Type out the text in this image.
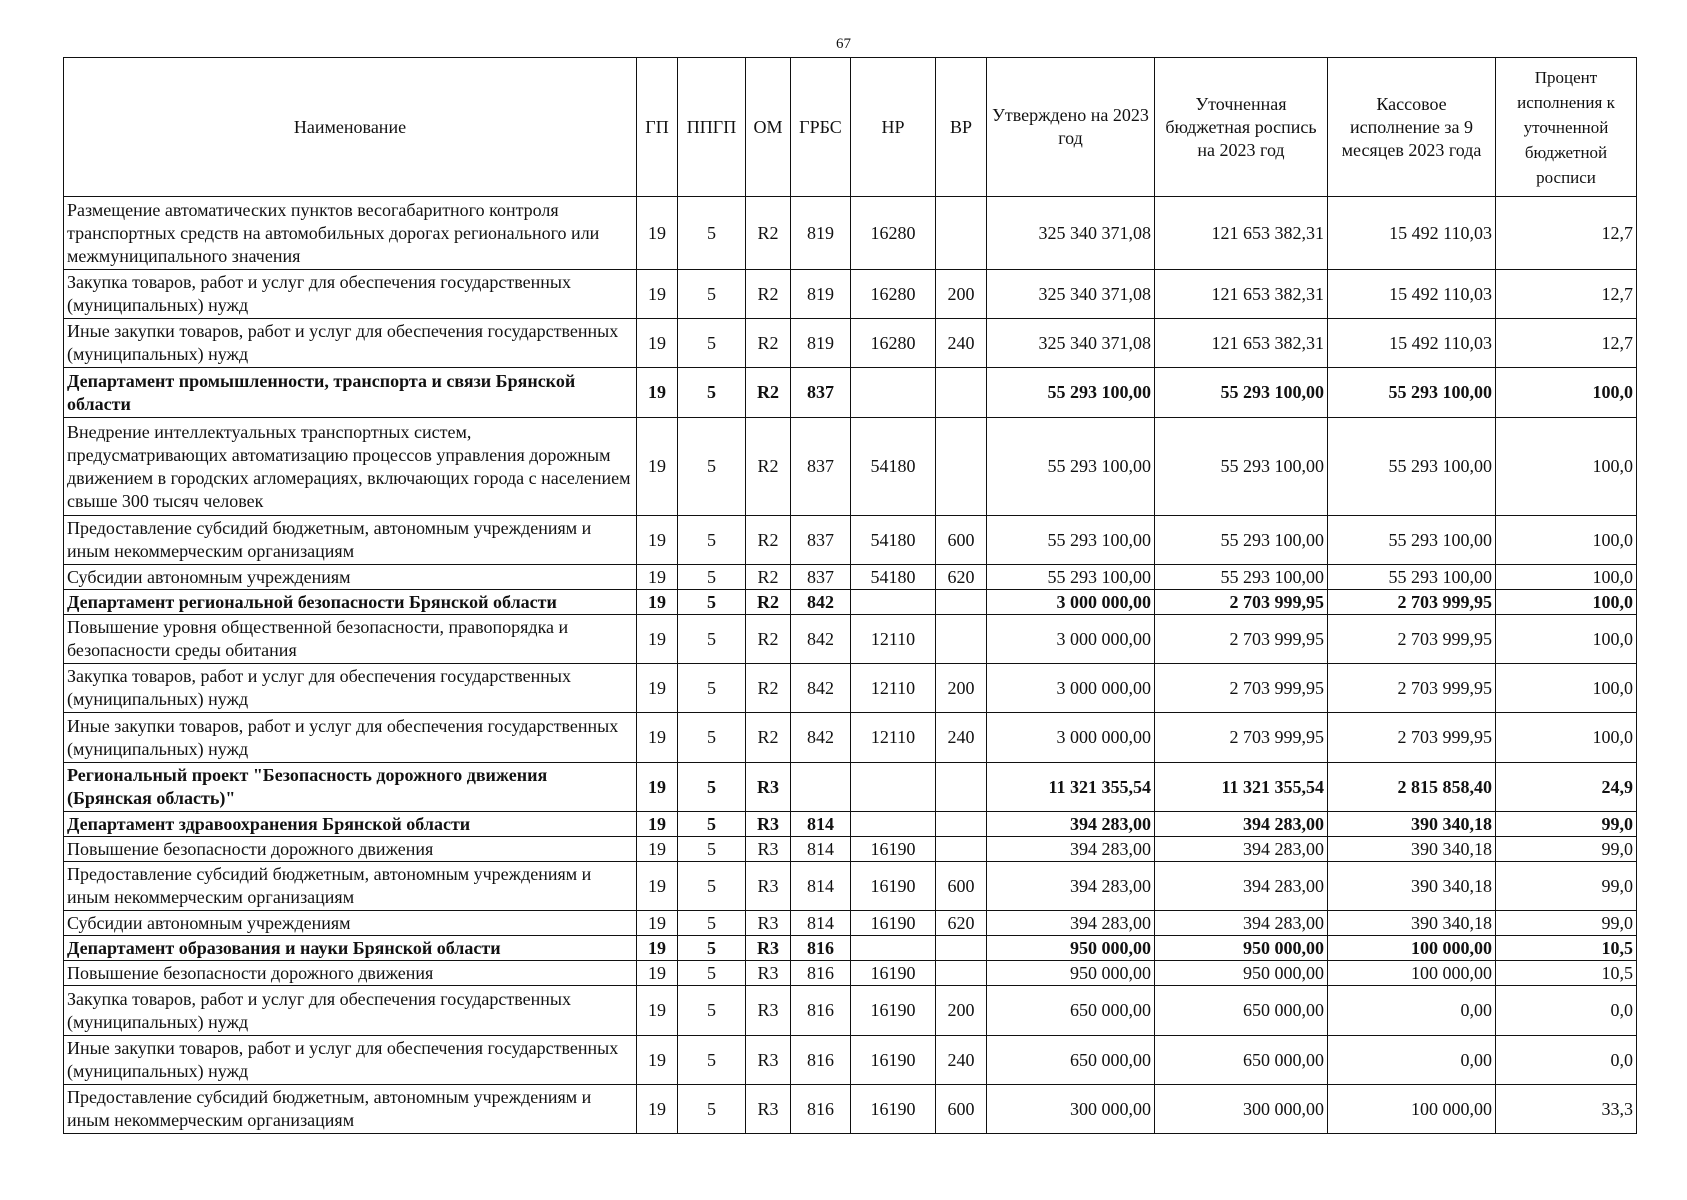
67
Наименование	ГП	ППГП	ОМ	ГРБС	НР	ВР	Утверждено на 2023 год	Уточненная бюджетная роспись на 2023 год	Кассовое исполнение за 9 месяцев 2023 года	Процент исполнения к уточненной бюджетной росписи
Размещение автоматических пунктов весогабаритного контроля транспортных средств на автомобильных дорогах регионального или межмуниципального значения	19	5	R2	819	16280		325 340 371,08	121 653 382,31	15 492 110,03	12,7
Закупка товаров, работ и услуг для обеспечения государственных (муниципальных) нужд	19	5	R2	819	16280	200	325 340 371,08	121 653 382,31	15 492 110,03	12,7
Иные закупки товаров, работ и услуг для обеспечения государственных (муниципальных) нужд	19	5	R2	819	16280	240	325 340 371,08	121 653 382,31	15 492 110,03	12,7
Департамент промышленности, транспорта и связи Брянской области	19	5	R2	837			55 293 100,00	55 293 100,00	55 293 100,00	100,0
Внедрение интеллектуальных транспортных систем, предусматривающих автоматизацию процессов управления дорожным движением в городских агломерациях, включающих города с населением свыше 300 тысяч человек	19	5	R2	837	54180		55 293 100,00	55 293 100,00	55 293 100,00	100,0
Предоставление субсидий бюджетным, автономным учреждениям и иным некоммерческим организациям	19	5	R2	837	54180	600	55 293 100,00	55 293 100,00	55 293 100,00	100,0
Субсидии автономным учреждениям	19	5	R2	837	54180	620	55 293 100,00	55 293 100,00	55 293 100,00	100,0
Департамент региональной безопасности Брянской области	19	5	R2	842			3 000 000,00	2 703 999,95	2 703 999,95	100,0
Повышение уровня общественной безопасности, правопорядка и безопасности среды обитания	19	5	R2	842	12110		3 000 000,00	2 703 999,95	2 703 999,95	100,0
Закупка товаров, работ и услуг для обеспечения государственных (муниципальных) нужд	19	5	R2	842	12110	200	3 000 000,00	2 703 999,95	2 703 999,95	100,0
Иные закупки товаров, работ и услуг для обеспечения государственных (муниципальных) нужд	19	5	R2	842	12110	240	3 000 000,00	2 703 999,95	2 703 999,95	100,0
Региональный проект "Безопасность дорожного движения (Брянская область)"	19	5	R3				11 321 355,54	11 321 355,54	2 815 858,40	24,9
Департамент здравоохранения Брянской области	19	5	R3	814			394 283,00	394 283,00	390 340,18	99,0
Повышение безопасности дорожного движения	19	5	R3	814	16190		394 283,00	394 283,00	390 340,18	99,0
Предоставление субсидий бюджетным, автономным учреждениям и иным некоммерческим организациям	19	5	R3	814	16190	600	394 283,00	394 283,00	390 340,18	99,0
Субсидии автономным учреждениям	19	5	R3	814	16190	620	394 283,00	394 283,00	390 340,18	99,0
Департамент образования и науки Брянской области	19	5	R3	816			950 000,00	950 000,00	100 000,00	10,5
Повышение безопасности дорожного движения	19	5	R3	816	16190		950 000,00	950 000,00	100 000,00	10,5
Закупка товаров, работ и услуг для обеспечения государственных (муниципальных) нужд	19	5	R3	816	16190	200	650 000,00	650 000,00	0,00	0,0
Иные закупки товаров, работ и услуг для обеспечения государственных (муниципальных) нужд	19	5	R3	816	16190	240	650 000,00	650 000,00	0,00	0,0
Предоставление субсидий бюджетным, автономным учреждениям и иным некоммерческим организациям	19	5	R3	816	16190	600	300 000,00	300 000,00	100 000,00	33,3
